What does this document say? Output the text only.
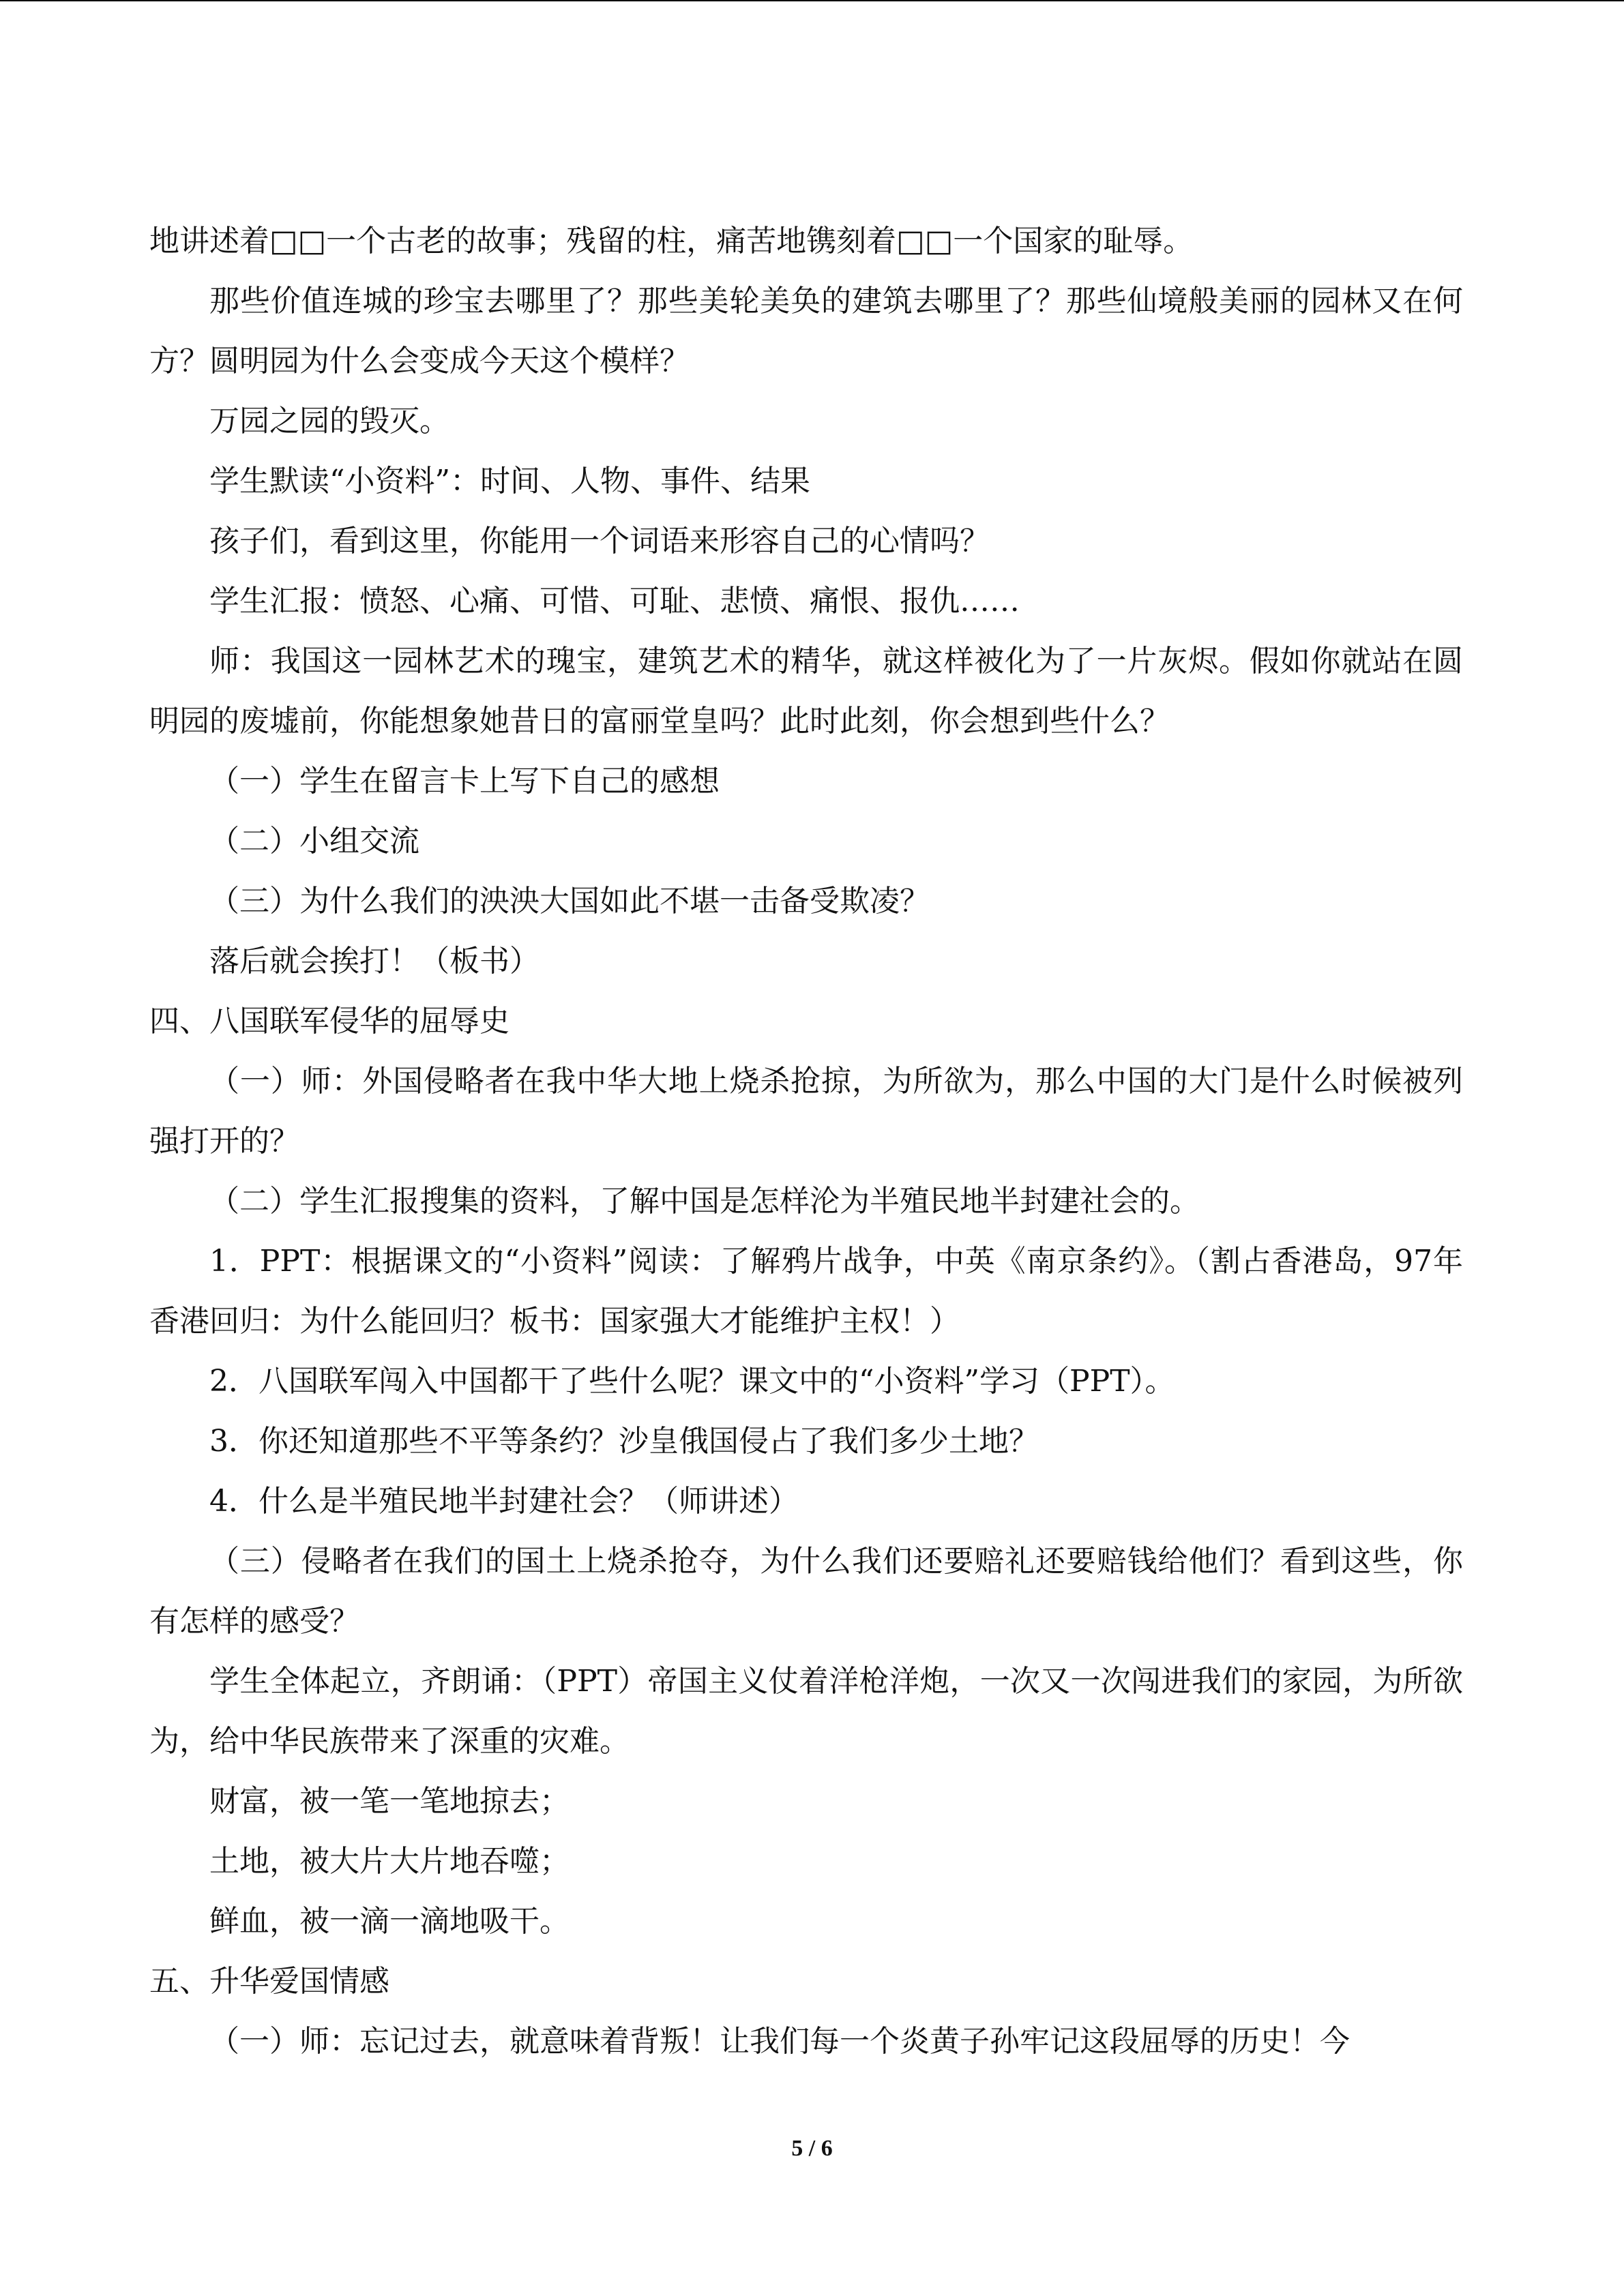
地讲述着□□一个古老的故事；残留的柱，痛苦地镌刻着□□一个国家的耻辱。

那些价值连城的珍宝去哪里了？那些美轮美奂的建筑去哪里了？那些仙境般美丽的园林又在何方？圆明园为什么会变成今天这个模样？

万园之园的毁灭。

学生默读“小资料”：时间、人物、事件、结果

孩子们，看到这里，你能用一个词语来形容自己的心情吗？

学生汇报：愤怒、心痛、可惜、可耻、悲愤、痛恨、报仇……

师：我国这一园林艺术的瑰宝，建筑艺术的精华，就这样被化为了一片灰烬。假如你就站在圆明园的废墟前，你能想象她昔日的富丽堂皇吗？此时此刻，你会想到些什么？

（一）学生在留言卡上写下自己的感想

（二）小组交流

（三）为什么我们的泱泱大国如此不堪一击备受欺凌？

落后就会挨打！（板书）

四、八国联军侵华的屈辱史

（一）师：外国侵略者在我中华大地上烧杀抢掠，为所欲为，那么中国的大门是什么时候被列强打开的？

（二）学生汇报搜集的资料，了解中国是怎样沦为半殖民地半封建社会的。

1．PPT：根据课文的“小资料”阅读：了解鸦片战争，中英《南京条约》。（割占香港岛，97年香港回归：为什么能回归？板书：国家强大才能维护主权！）

2．八国联军闯入中国都干了些什么呢？课文中的“小资料”学习（PPT）。

3．你还知道那些不平等条约？沙皇俄国侵占了我们多少土地？

4．什么是半殖民地半封建社会？（师讲述）

（三）侵略者在我们的国土上烧杀抢夺，为什么我们还要赔礼还要赔钱给他们？看到这些，你有怎样的感受？

学生全体起立，齐朗诵：（PPT）帝国主义仗着洋枪洋炮，一次又一次闯进我们的家园，为所欲为，给中华民族带来了深重的灾难。

财富，被一笔一笔地掠去；

土地，被大片大片地吞噬；

鲜血，被一滴一滴地吸干。

五、升华爱国情感

（一）师：忘记过去，就意味着背叛！让我们每一个炎黄子孙牢记这段屈辱的历史！今

5 / 6
